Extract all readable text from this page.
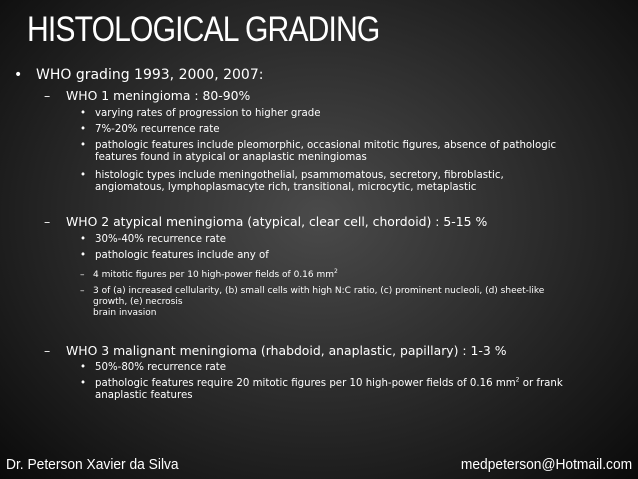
HISTOLOGICAL GRADING
• WHO grading 1993, 2000, 2007:
– WHO 1 meningioma : 80-90%
• varying rates of progression to higher grade
• 7%-20% recurrence rate
• pathologic features include pleomorphic, occasional mitotic figures, absence of pathologic features found in atypical or anaplastic meningiomas
• histologic types include meningothelial, psammomatous, secretory, fibroblastic, angiomatous, lymphoplasmacyte rich, transitional, microcytic, metaplastic
– WHO 2 atypical meningioma (atypical, clear cell, chordoid) : 5-15 %
• 30%-40% recurrence rate
• pathologic features include any of
– 4 mitotic figures per 10 high-power fields of 0.16 $mm^2$
– 3 of (a) increased cellularity, (b) small cells with high N:C ratio, (c) prominent nucleoli, (d) sheet-like growth, (e) necrosis
brain invasion
– WHO 3 malignant meningioma (rhabdoid, anaplastic, papillary) : 1-3 %
• 50%-80% recurrence rate
• pathologic features require 20 mitotic figures per 10 high-power fields of 0.16 $mm^2$ or frank anaplastic features
Dr. Peterson Xavier da Silva	medpeterson@Hotmail.com
